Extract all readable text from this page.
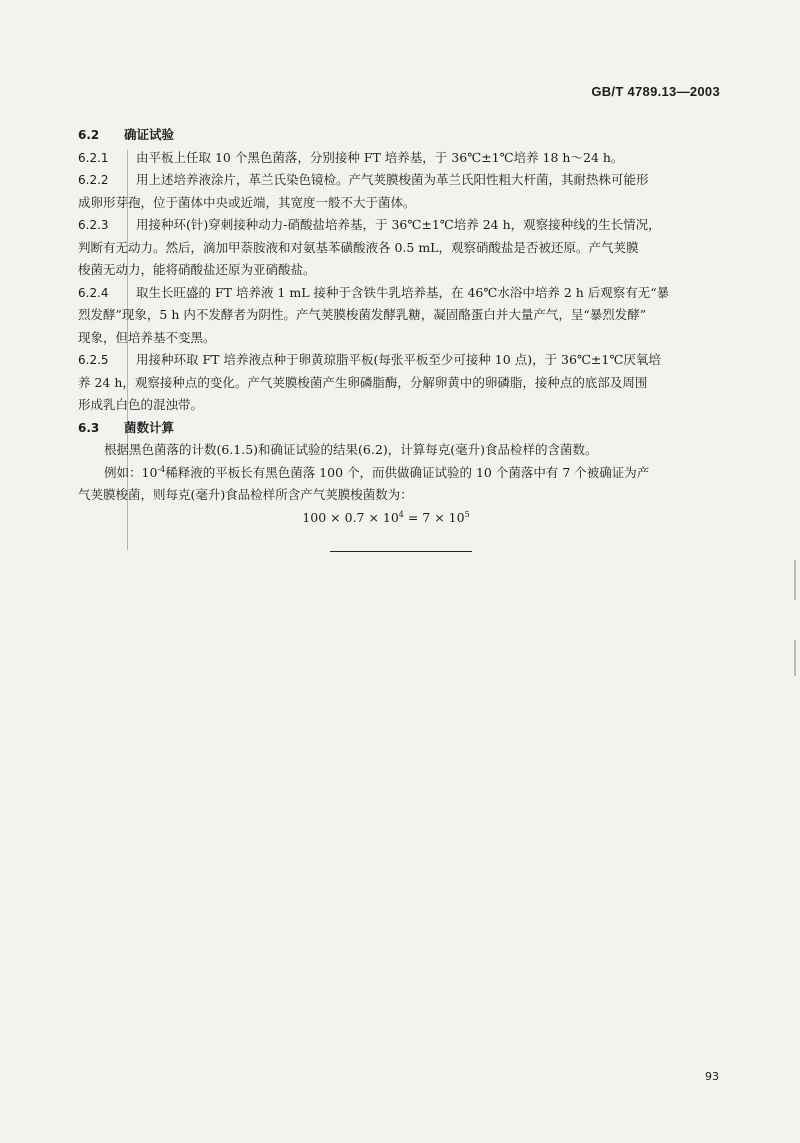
GB/T 4789.13—2003
6.2 确证试验
6.2.1 由平板上任取 10 个黑色菌落，分别接种 FT 培养基，于 36℃±1℃培养 18 h～24 h。
6.2.2 用上述培养液涂片，革兰氏染色镜检。产气荚膜梭菌为革兰氏阳性粗大杆菌，其耐热株可能形
成卵形芽孢，位于菌体中央或近端，其宽度一般不大于菌体。
6.2.3 用接种环(针)穿刺接种动力-硝酸盐培养基，于 36℃±1℃培养 24 h，观察接种线的生长情况，
判断有无动力。然后，滴加甲萘胺液和对氨基苯磺酸液各 0.5 mL，观察硝酸盐是否被还原。产气荚膜
梭菌无动力，能将硝酸盐还原为亚硝酸盐。
6.2.4 取生长旺盛的 FT 培养液 1 mL 接种于含铁牛乳培养基，在 46℃水浴中培养 2 h 后观察有无“暴
烈发酵”现象，5 h 内不发酵者为阴性。产气荚膜梭菌发酵乳糖，凝固酪蛋白并大量产气，呈“暴烈发酵”
现象，但培养基不变黑。
6.2.5 用接种环取 FT 培养液点种于卵黄琼脂平板(每张平板至少可接种 10 点)，于 36℃±1℃厌氧培
养 24 h，观察接种点的变化。产气荚膜梭菌产生卵磷脂酶，分解卵黄中的卵磷脂，接种点的底部及周围
形成乳白色的混浊带。
6.3 菌数计算
根据黑色菌落的计数(6.1.5)和确证试验的结果(6.2)，计算每克(毫升)食品检样的含菌数。
例如：$10^{-4}$稀释液的平板长有黑色菌落 100 个，而供做确证试验的 10 个菌落中有 7 个被确证为产
气荚膜梭菌，则每克(毫升)食品检样所含产气荚膜梭菌数为：
$100 \times 0.7 \times 10^4 = 7 \times 10^5$
93
